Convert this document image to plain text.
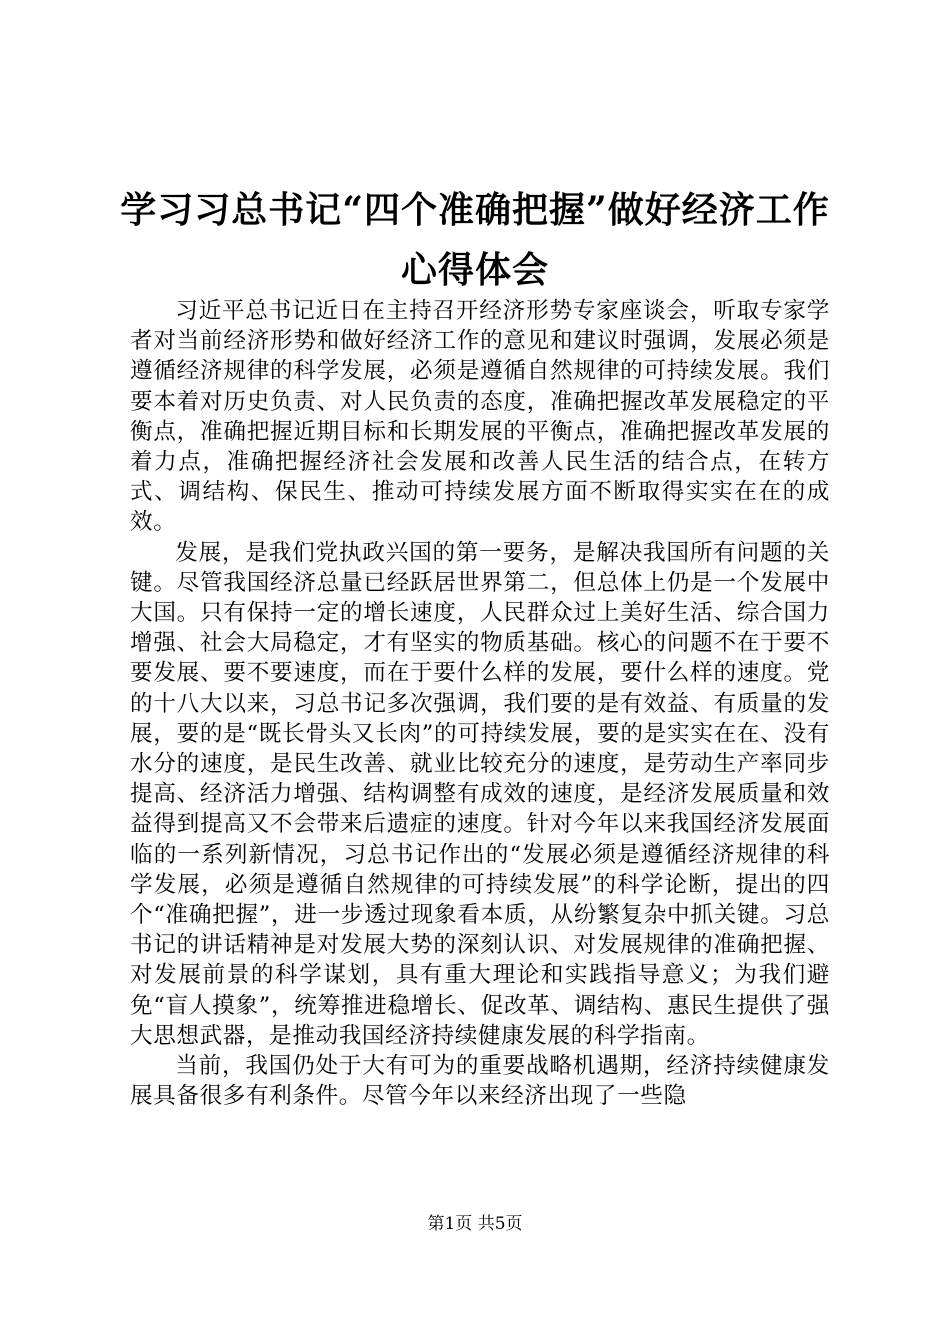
学习习总书记“四个准确把握”做好经济工作
心得体会

习近平总书记近日在主持召开经济形势专家座谈会，听取专家学者对当前经济形势和做好经济工作的意见和建议时强调，发展必须是遵循经济规律的科学发展，必须是遵循自然规律的可持续发展。我们要本着对历史负责、对人民负责的态度，准确把握改革发展稳定的平衡点，准确把握近期目标和长期发展的平衡点，准确把握改革发展的着力点，准确把握经济社会发展和改善人民生活的结合点，在转方式、调结构、保民生、推动可持续发展方面不断取得实实在在的成效。

发展，是我们党执政兴国的第一要务，是解决我国所有问题的关键。尽管我国经济总量已经跃居世界第二，但总体上仍是一个发展中大国。只有保持一定的增长速度，人民群众过上美好生活、综合国力增强、社会大局稳定，才有坚实的物质基础。核心的问题不在于要不要发展、要不要速度，而在于要什么样的发展，要什么样的速度。党的十八大以来，习总书记多次强调，我们要的是有效益、有质量的发展，要的是“既长骨头又长肉”的可持续发展，要的是实实在在、没有水分的速度，是民生改善、就业比较充分的速度，是劳动生产率同步提高、经济活力增强、结构调整有成效的速度，是经济发展质量和效益得到提高又不会带来后遗症的速度。针对今年以来我国经济发展面临的一系列新情况，习总书记作出的“发展必须是遵循经济规律的科学发展，必须是遵循自然规律的可持续发展”的科学论断，提出的四个“准确把握”，进一步透过现象看本质，从纷繁复杂中抓关键。习总书记的讲话精神是对发展大势的深刻认识、对发展规律的准确把握、对发展前景的科学谋划，具有重大理论和实践指导意义；为我们避免“盲人摸象”，统筹推进稳增长、促改革、调结构、惠民生提供了强大思想武器，是推动我国经济持续健康发展的科学指南。

当前，我国仍处于大有可为的重要战略机遇期，经济持续健康发展具备很多有利条件。尽管今年以来经济出现了一些隐

第1页 共5页
